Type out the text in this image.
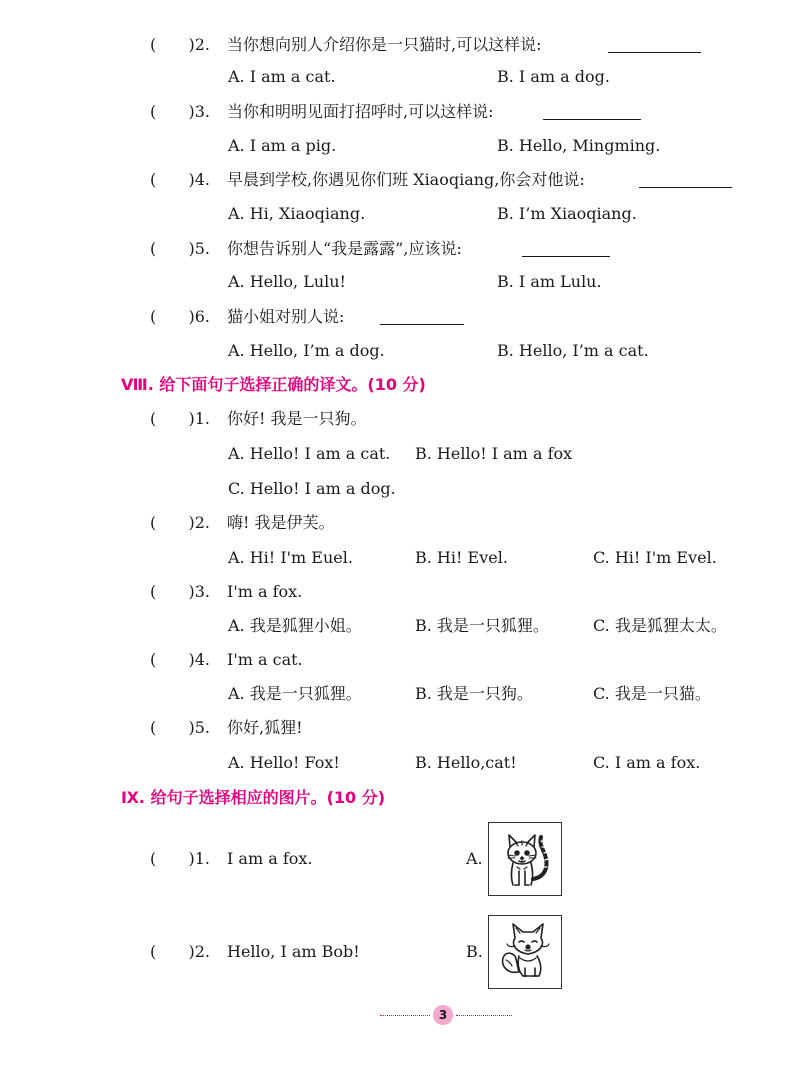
( )2. 当你想向别人介绍你是一只猫时,可以这样说:
A. I am a cat.	B. I am a dog.
( )3. 当你和明明见面打招呼时,可以这样说:
A. I am a pig.	B. Hello, Mingming.
( )4. 早晨到学校,你遇见你们班 Xiaoqiang,你会对他说:
A. Hi, Xiaoqiang.	B. I’m Xiaoqiang.
( )5. 你想告诉别人“我是露露”,应该说:
A. Hello, Lulu!	B. I am Lulu.
( )6. 猫小姐对别人说:
A. Hello, I’m a dog.	B. Hello, I’m a cat.
Ⅷ. 给下面句子选择正确的译文。(10 分)
( )1. 你好! 我是一只狗。
A. Hello! I am a cat. B. Hello! I am a fox
C. Hello! I am a dog.
( )2. 嗨! 我是伊芙。
A. Hi! I'm Euel.	B. Hi! Evel.	C. Hi! I'm Evel.
( )3. I'm a fox.
A. 我是狐狸小姐。	B. 我是一只狐狸。	C. 我是狐狸太太。
( )4. I'm a cat.
A. 我是一只狐狸。	B. 我是一只狗。	C. 我是一只猫。
( )5. 你好,狐狸!
A. Hello! Fox!	B. Hello,cat!	C. I am a fox.
Ⅸ. 给句子选择相应的图片。(10 分)
( )1. I am a fox.	A.
( )2. Hello, I am Bob!	B.
3
